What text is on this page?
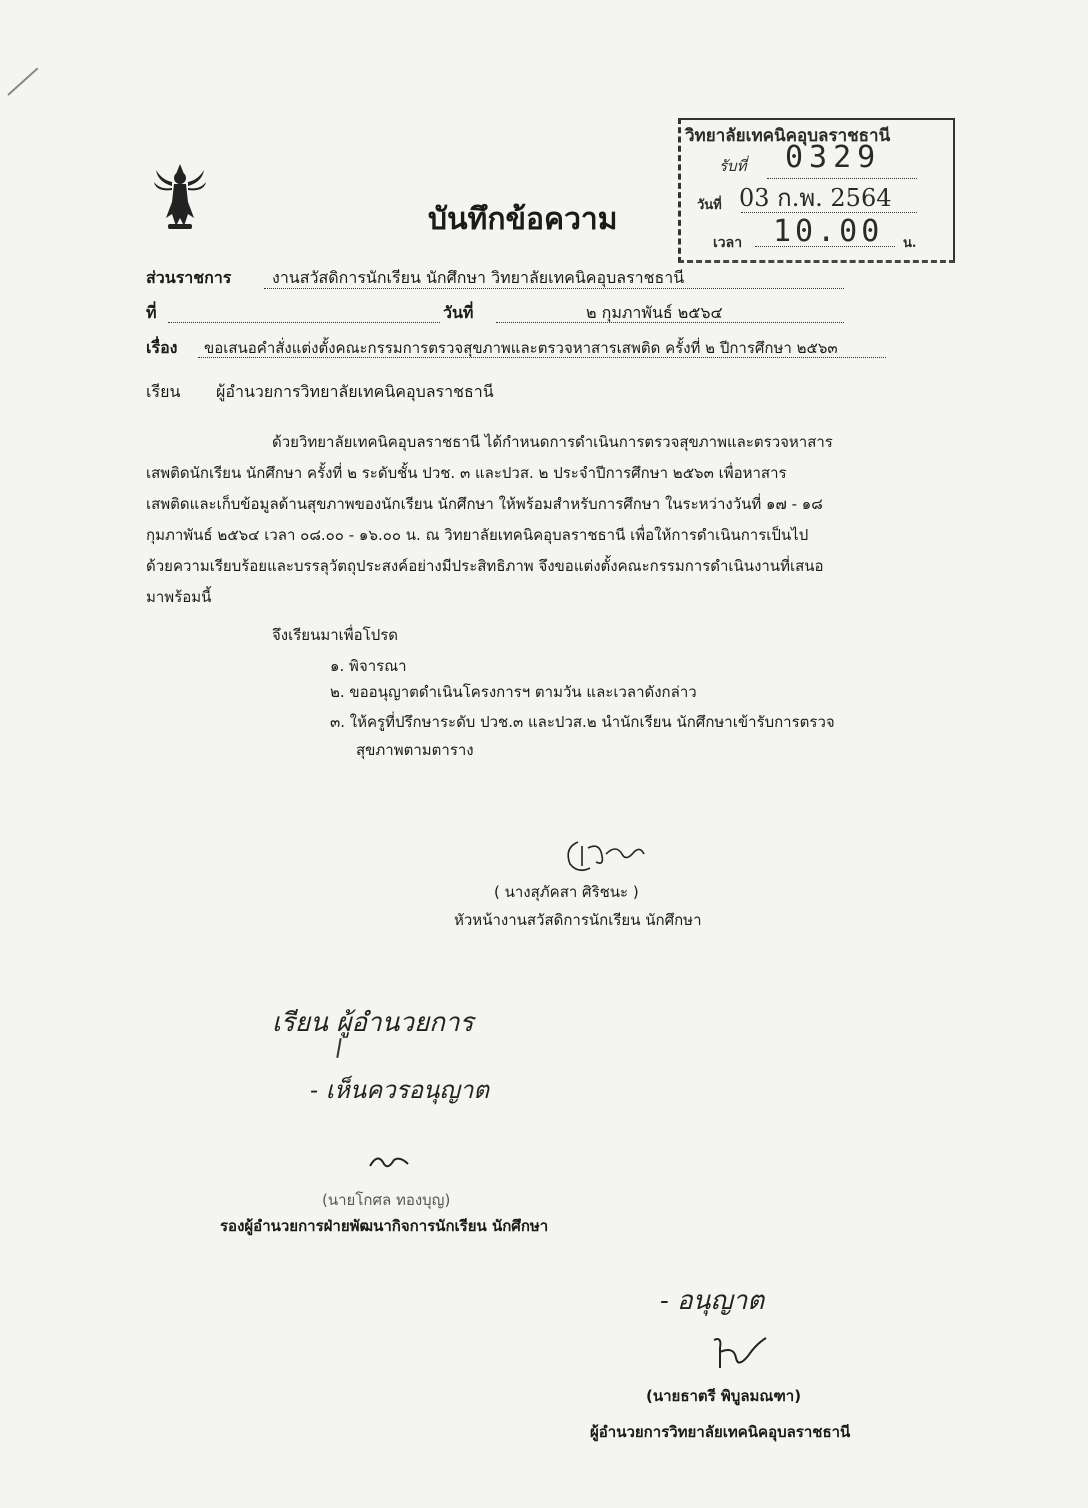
วิทยาลัยเทคนิคอุบลราชธานี
รับที่ 0329
วันที่ 03 ก.พ. 2564
เวลา 10.00 น.
บันทึกข้อความ
ส่วนราชการ	งานสวัสดิการนักเรียน นักศึกษา วิทยาลัยเทคนิคอุบลราชธานี
ที่	วันที่	๒ กุมภาพันธ์ ๒๕๖๔
เรื่อง ขอเสนอคำสั่งแต่งตั้งคณะกรรมการตรวจสุขภาพและตรวจหาสารเสพติด ครั้งที่ ๒ ปีการศึกษา ๒๕๖๓
เรียน ผู้อำนวยการวิทยาลัยเทคนิคอุบลราชธานี
ด้วยวิทยาลัยเทคนิคอุบลราชธานี ได้กำหนดการดำเนินการตรวจสุขภาพและตรวจหาสาร
เสพติดนักเรียน นักศึกษา ครั้งที่ ๒ ระดับชั้น ปวช. ๓ และปวส. ๒ ประจำปีการศึกษา ๒๕๖๓ เพื่อหาสาร
เสพติดและเก็บข้อมูลด้านสุขภาพของนักเรียน นักศึกษา ให้พร้อมสำหรับการศึกษา ในระหว่างวันที่ ๑๗ - ๑๘
กุมภาพันธ์ ๒๕๖๔ เวลา ๐๘.๐๐ - ๑๖.๐๐ น. ณ วิทยาลัยเทคนิคอุบลราชธานี เพื่อให้การดำเนินการเป็นไป
ด้วยความเรียบร้อยและบรรลุวัตถุประสงค์อย่างมีประสิทธิภาพ จึงขอแต่งตั้งคณะกรรมการดำเนินงานที่เสนอ
มาพร้อมนี้
จึงเรียนมาเพื่อโปรด
๑. พิจารณา
๒. ขออนุญาตดำเนินโครงการฯ ตามวัน และเวลาดังกล่าว
๓. ให้ครูที่ปรึกษาระดับ ปวช.๓ และปวส.๒ นำนักเรียน นักศึกษาเข้ารับการตรวจ
สุขภาพตามตาราง
( นางสุภัคสา ศิริชนะ )
หัวหน้างานสวัสดิการนักเรียน นักศึกษา
เรียน ผู้อำนวยการ
- เห็นควรอนุญาต
(นายโกศล ทองบุญ)
รองผู้อำนวยการฝ่ายพัฒนากิจการนักเรียน นักศึกษา
- อนุญาต
(นายธาตรี พิบูลมณฑา)
ผู้อำนวยการวิทยาลัยเทคนิคอุบลราชธานี
